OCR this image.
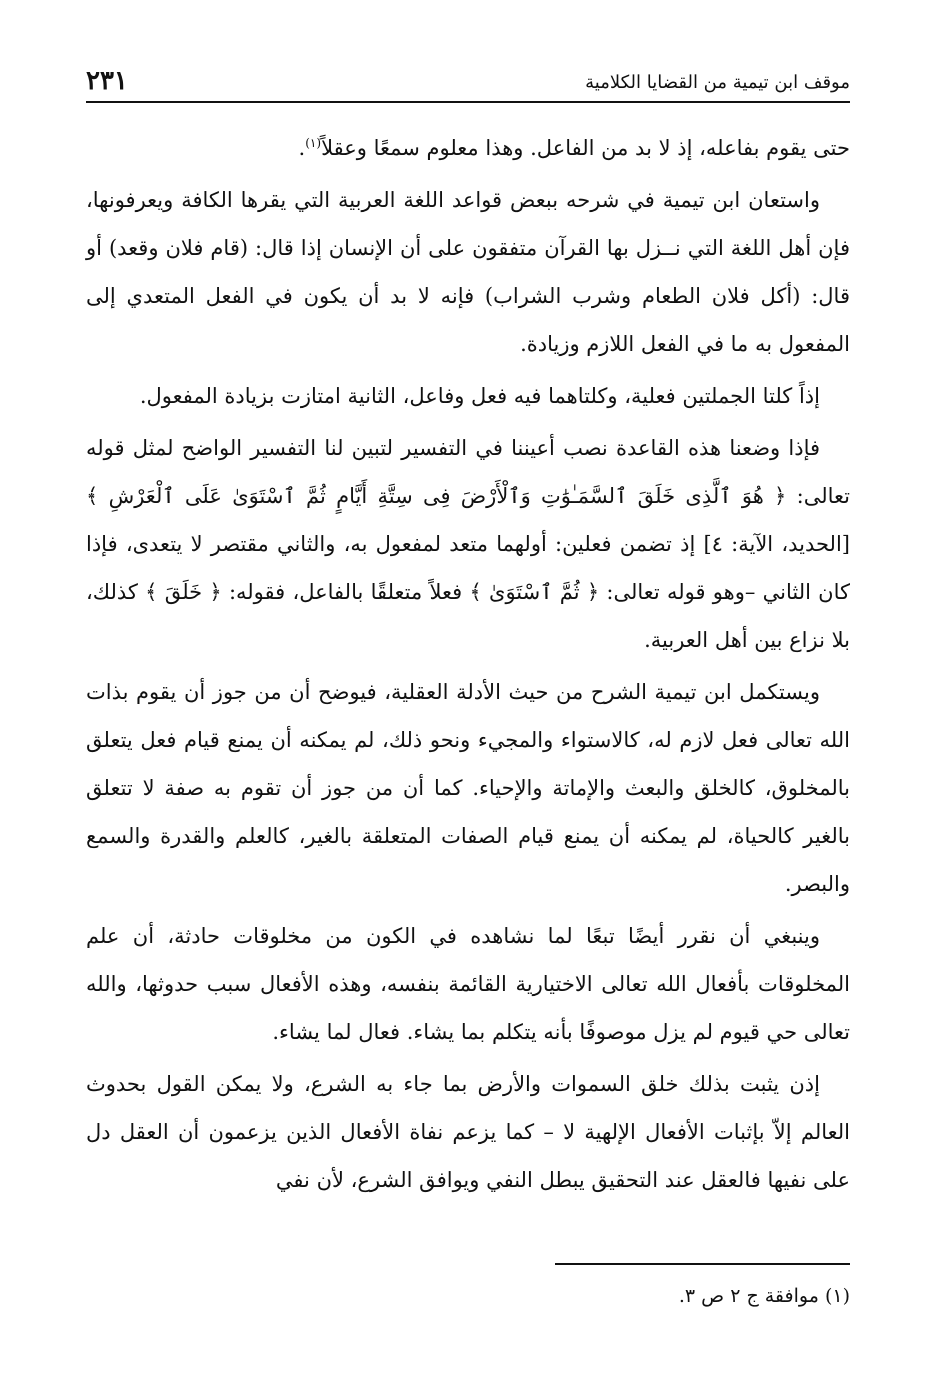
موقف ابن تيمية من القضايا الكلامية
٢٣١

حتى يقوم بفاعله، إذ لا بد من الفاعل. وهذا معلوم سمعًا وعقلاً$^{(١)}$.

واستعان ابن تيمية في شرحه ببعض قواعد اللغة العربية التي يقرها الكافة ويعرفونها، فإن أهل اللغة التي نــزل بها القرآن متفقون على أن الإنسان إذا قال: (قام فلان وقعد) أو قال: (أكل فلان الطعام وشرب الشراب) فإنه لا بد أن يكون في الفعل المتعدي إلى المفعول به ما في الفعل اللازم وزيادة.

إذاً كلتا الجملتين فعلية، وكلتاهما فيه فعل وفاعل، الثانية امتازت بزيادة المفعول.

فإذا وضعنا هذه القاعدة نصب أعيننا في التفسير لتبين لنا التفسير الواضح لمثل قوله تعالى: ﴿ هُوَ ٱلَّذِى خَلَقَ ٱلسَّمَـٰوَٰتِ وَٱلْأَرْضَ فِى سِتَّةِ أَيَّامٍ ثُمَّ ٱسْتَوَىٰ عَلَى ٱلْعَرْشِ ﴾ [الحديد، الآية: ٤] إذ تضمن فعلين: أولهما متعد لمفعول به، والثاني مقتصر لا يتعدى، فإذا كان الثاني –وهو قوله تعالى: ﴿ ثُمَّ ٱسْتَوَىٰ ﴾ فعلاً متعلقًا بالفاعل، فقوله: ﴿ خَلَقَ ﴾ كذلك، بلا نزاع بين أهل العربية.

ويستكمل ابن تيمية الشرح من حيث الأدلة العقلية، فيوضح أن من جوز أن يقوم بذات الله تعالى فعل لازم له، كالاستواء والمجيء ونحو ذلك، لم يمكنه أن يمنع قيام فعل يتعلق بالمخلوق، كالخلق والبعث والإماتة والإحياء. كما أن من جوز أن تقوم به صفة لا تتعلق بالغير كالحياة، لم يمكنه أن يمنع قيام الصفات المتعلقة بالغير، كالعلم والقدرة والسمع والبصر.

وينبغي أن نقرر أيضًا تبعًا لما نشاهده في الكون من مخلوقات حادثة، أن علم المخلوقات بأفعال الله تعالى الاختيارية القائمة بنفسه، وهذه الأفعال سبب حدوثها، والله تعالى حي قيوم لم يزل موصوفًا بأنه يتكلم بما يشاء. فعال لما يشاء.

إذن يثبت بذلك خلق السموات والأرض بما جاء به الشرع، ولا يمكن القول بحدوث العالم إلاّ بإثبات الأفعال الإلهية لا – كما يزعم نفاة الأفعال الذين يزعمون أن العقل دل على نفيها فالعقل عند التحقيق يبطل النفي ويوافق الشرع، لأن نفي

(١) موافقة ج ٢ ص ٣.
